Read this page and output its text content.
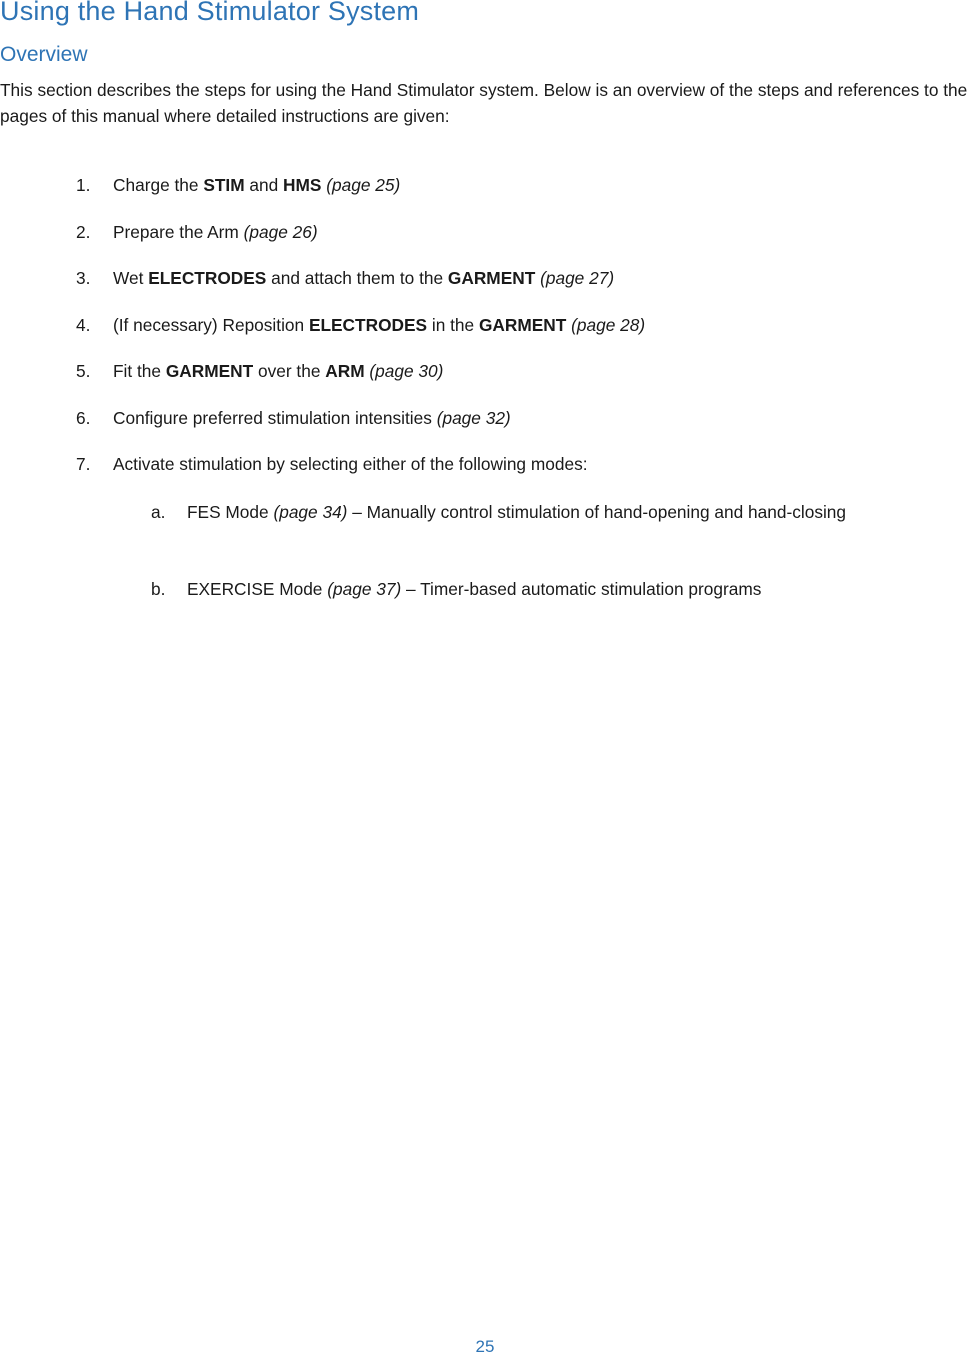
Using the Hand Stimulator System
Overview

This section describes the steps for using the Hand Stimulator system. Below is an overview of the steps and references to the pages of this manual where detailed instructions are given:

1. Charge the STIM and HMS (page 25)
2. Prepare the Arm (page 26)
3. Wet ELECTRODES and attach them to the GARMENT (page 27)
4. (If necessary) Reposition ELECTRODES in the GARMENT (page 28)
5. Fit the GARMENT over the ARM (page 30)
6. Configure preferred stimulation intensities (page 32)
7. Activate stimulation by selecting either of the following modes:
a. FES Mode (page 34) – Manually control stimulation of hand-opening and hand-closing
b. EXERCISE Mode (page 37) – Timer-based automatic stimulation programs
25
